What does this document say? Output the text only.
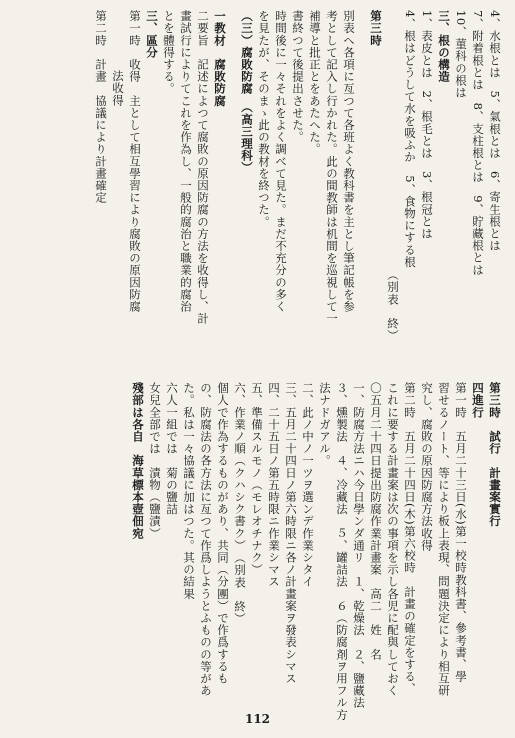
4、水根とは　5、氣根とは　6、寄生根とは
7、附着根とは　8、支柱根とは　9、貯藏根とは
10、菫科の根は
三、根の構造
1、表皮とは　2、根毛とは　3、根冠とは
4、根はどうして水を吸ふか　5、食物にする根
（別表　終）
第三時
別表へ各項に亙つて各班よく教科書を主とし筆記帳を参
考として記入し行かれた。此の間教師は机間を巡視して一
補導と批正とをあたへた。
書終つて後提出させた。
時間後に一々それをよく調べて見た。まだ不充分の多く
を見たが、そのまゝ此の教材を終つた。
（三）腐敗防腐　（高三理科）
一教材　腐敗防腐
二要旨　記述によつて腐敗の原因防腐の方法を收得し、計
畫試行によりてこれを作為し、一般的腐治と職業的腐治
とを體得する。
三、區分
第一時　收得　主として相互學習により腐敗の原因防腐
法收得
第二時　計畫　協議により計畫確定
第三時　試行　計畫案實行
四進行
第一時　五月二十三日(水)第一校時教科書、參考書、學
習せるノート、等により板上表現、問題決定により相互研
究し、腐敗の原因防腐方法收得
第二時　五月二十四日(木)第六校時　計畫の確定をする、
これに要する計畫案は次の事項を示し各児に配與しておく
〇五月二十四日提出防腐作業計畫案　高二　姓　名
一、防腐方法ニハ今日學ンダ通リ　１、乾燥法　２、鹽藏法
３、燻製法　４、冷藏法　５、罐詰法　６（防腐剤ヲ用フル方
法ナドガアル。
二、此ノ中ノ一ツヲ選ンデ作業シタイ
三、五月二十四日ノ第六時限ニ各ノ計畫案ヲ發表シマス
四、二十五日ノ第五時限ニ作業シマス
五、準備スルモノ（モレオチナク）
六、作業ノ順（クハシク書ク）　（別表　終）
個人で作為するものがあり、共同（分團）で作爲するも
の、防腐法の各方法に亙つて作爲しようとふものの等があ
た。私は一々協議に加はつた。其の結果
六人一組では　菊の鹽詰
女兒全部では　漬物（鹽漬）
殘部は各自　海草標本壺佃宛
112
